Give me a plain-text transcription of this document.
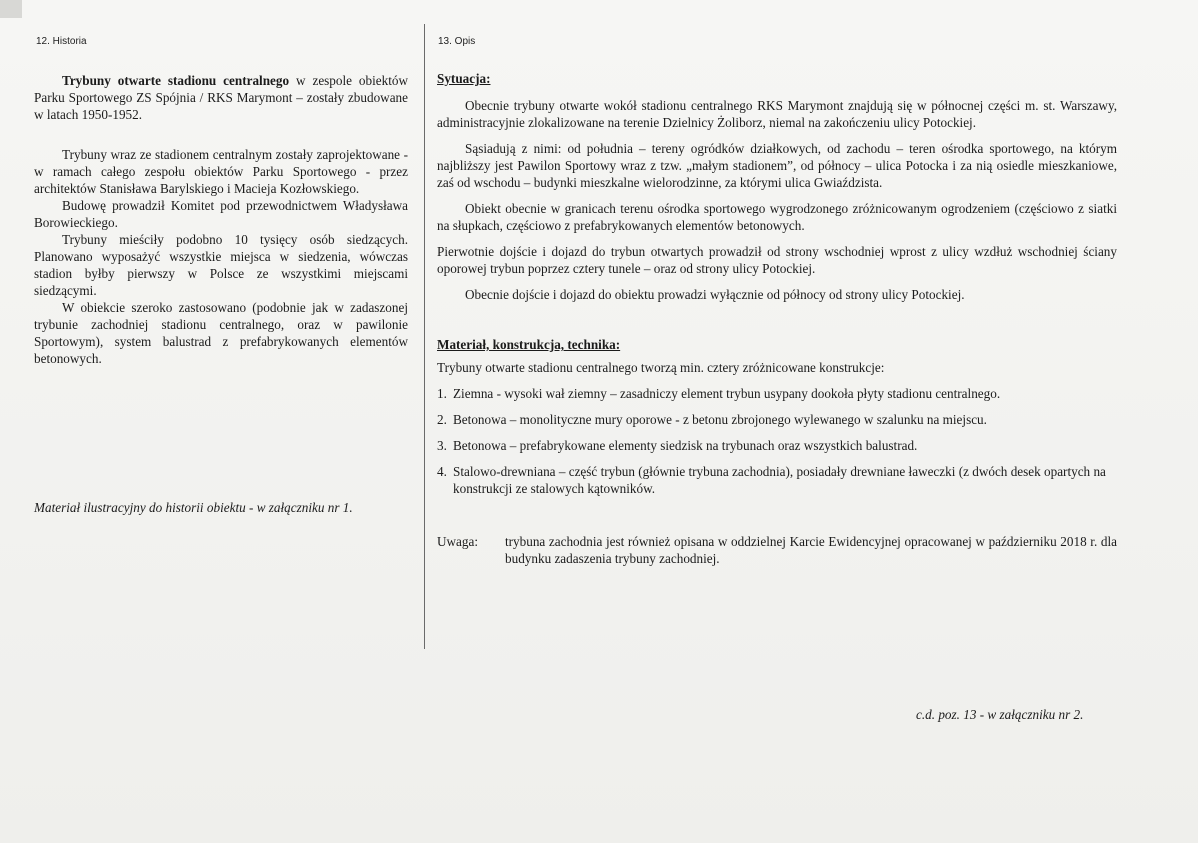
12. Historia	13. Opis

Trybuny otwarte stadionu centralnego w zespole obiektów Parku Sportowego ZS Spójnia / RKS Marymont – zostały zbudowane w latach 1950-1952.

Trybuny wraz ze stadionem centralnym zostały zaprojektowane - w ramach całego zespołu obiektów Parku Sportowego - przez architektów Stanisława Barylskiego i Macieja Kozłowskiego.

Budowę prowadził Komitet pod przewodnictwem Władysława Borowieckiego.

Trybuny mieściły podobno 10 tysięcy osób siedzących. Planowano wyposażyć wszystkie miejsca w siedzenia, wówczas stadion byłby pierwszy w Polsce ze wszystkimi miejscami siedzącymi.

W obiekcie szeroko zastosowano (podobnie jak w zadaszonej trybunie zachodniej stadionu centralnego, oraz w pawilonie Sportowym), system balustrad z prefabrykowanych elementów betonowych.

Materiał ilustracyjny do historii obiektu - w załączniku nr 1.

Sytuacja:

Obecnie trybuny otwarte wokół stadionu centralnego RKS Marymont znajdują się w północnej części m. st. Warszawy, administracyjnie zlokalizowane na terenie Dzielnicy Żoliborz, niemal na zakończeniu ulicy Potockiej.

Sąsiadują z nimi: od południa – tereny ogródków działkowych, od zachodu – teren ośrodka sportowego, na którym najbliższy jest Pawilon Sportowy wraz z tzw. „małym stadionem”, od północy – ulica Potocka i za nią osiedle mieszkaniowe, zaś od wschodu – budynki mieszkalne wielorodzinne, za którymi ulica Gwiaździsta.

Obiekt obecnie w granicach terenu ośrodka sportowego wygrodzonego zróżnicowanym ogrodzeniem (częściowo z siatki na słupkach, częściowo z prefabrykowanych elementów betonowych.

Pierwotnie dojście i dojazd do trybun otwartych prowadził od strony wschodniej wprost z ulicy wzdłuż wschodniej ściany oporowej trybun poprzez cztery tunele – oraz od strony ulicy Potockiej.

Obecnie dojście i dojazd do obiektu prowadzi wyłącznie od północy od strony ulicy Potockiej.

Materiał, konstrukcja, technika:

Trybuny otwarte stadionu centralnego tworzą min. cztery zróżnicowane konstrukcje:

1. Ziemna - wysoki wał ziemny – zasadniczy element trybun usypany dookoła płyty stadionu centralnego.
2. Betonowa – monolityczne mury oporowe - z betonu zbrojonego wylewanego w szalunku na miejscu.
3. Betonowa – prefabrykowane elementy siedzisk na trybunach oraz wszystkich balustrad.
4. Stalowo-drewniana – część trybun (głównie trybuna zachodnia), posiadały drewniane ławeczki (z dwóch desek opartych na konstrukcji ze stalowych kątowników.
Uwaga:	trybuna zachodnia jest również opisana w oddzielnej Karcie Ewidencyjnej opracowanej w październiku 2018 r. dla budynku zadaszenia trybuny zachodniej.
c.d. poz. 13 - w załączniku nr 2.
